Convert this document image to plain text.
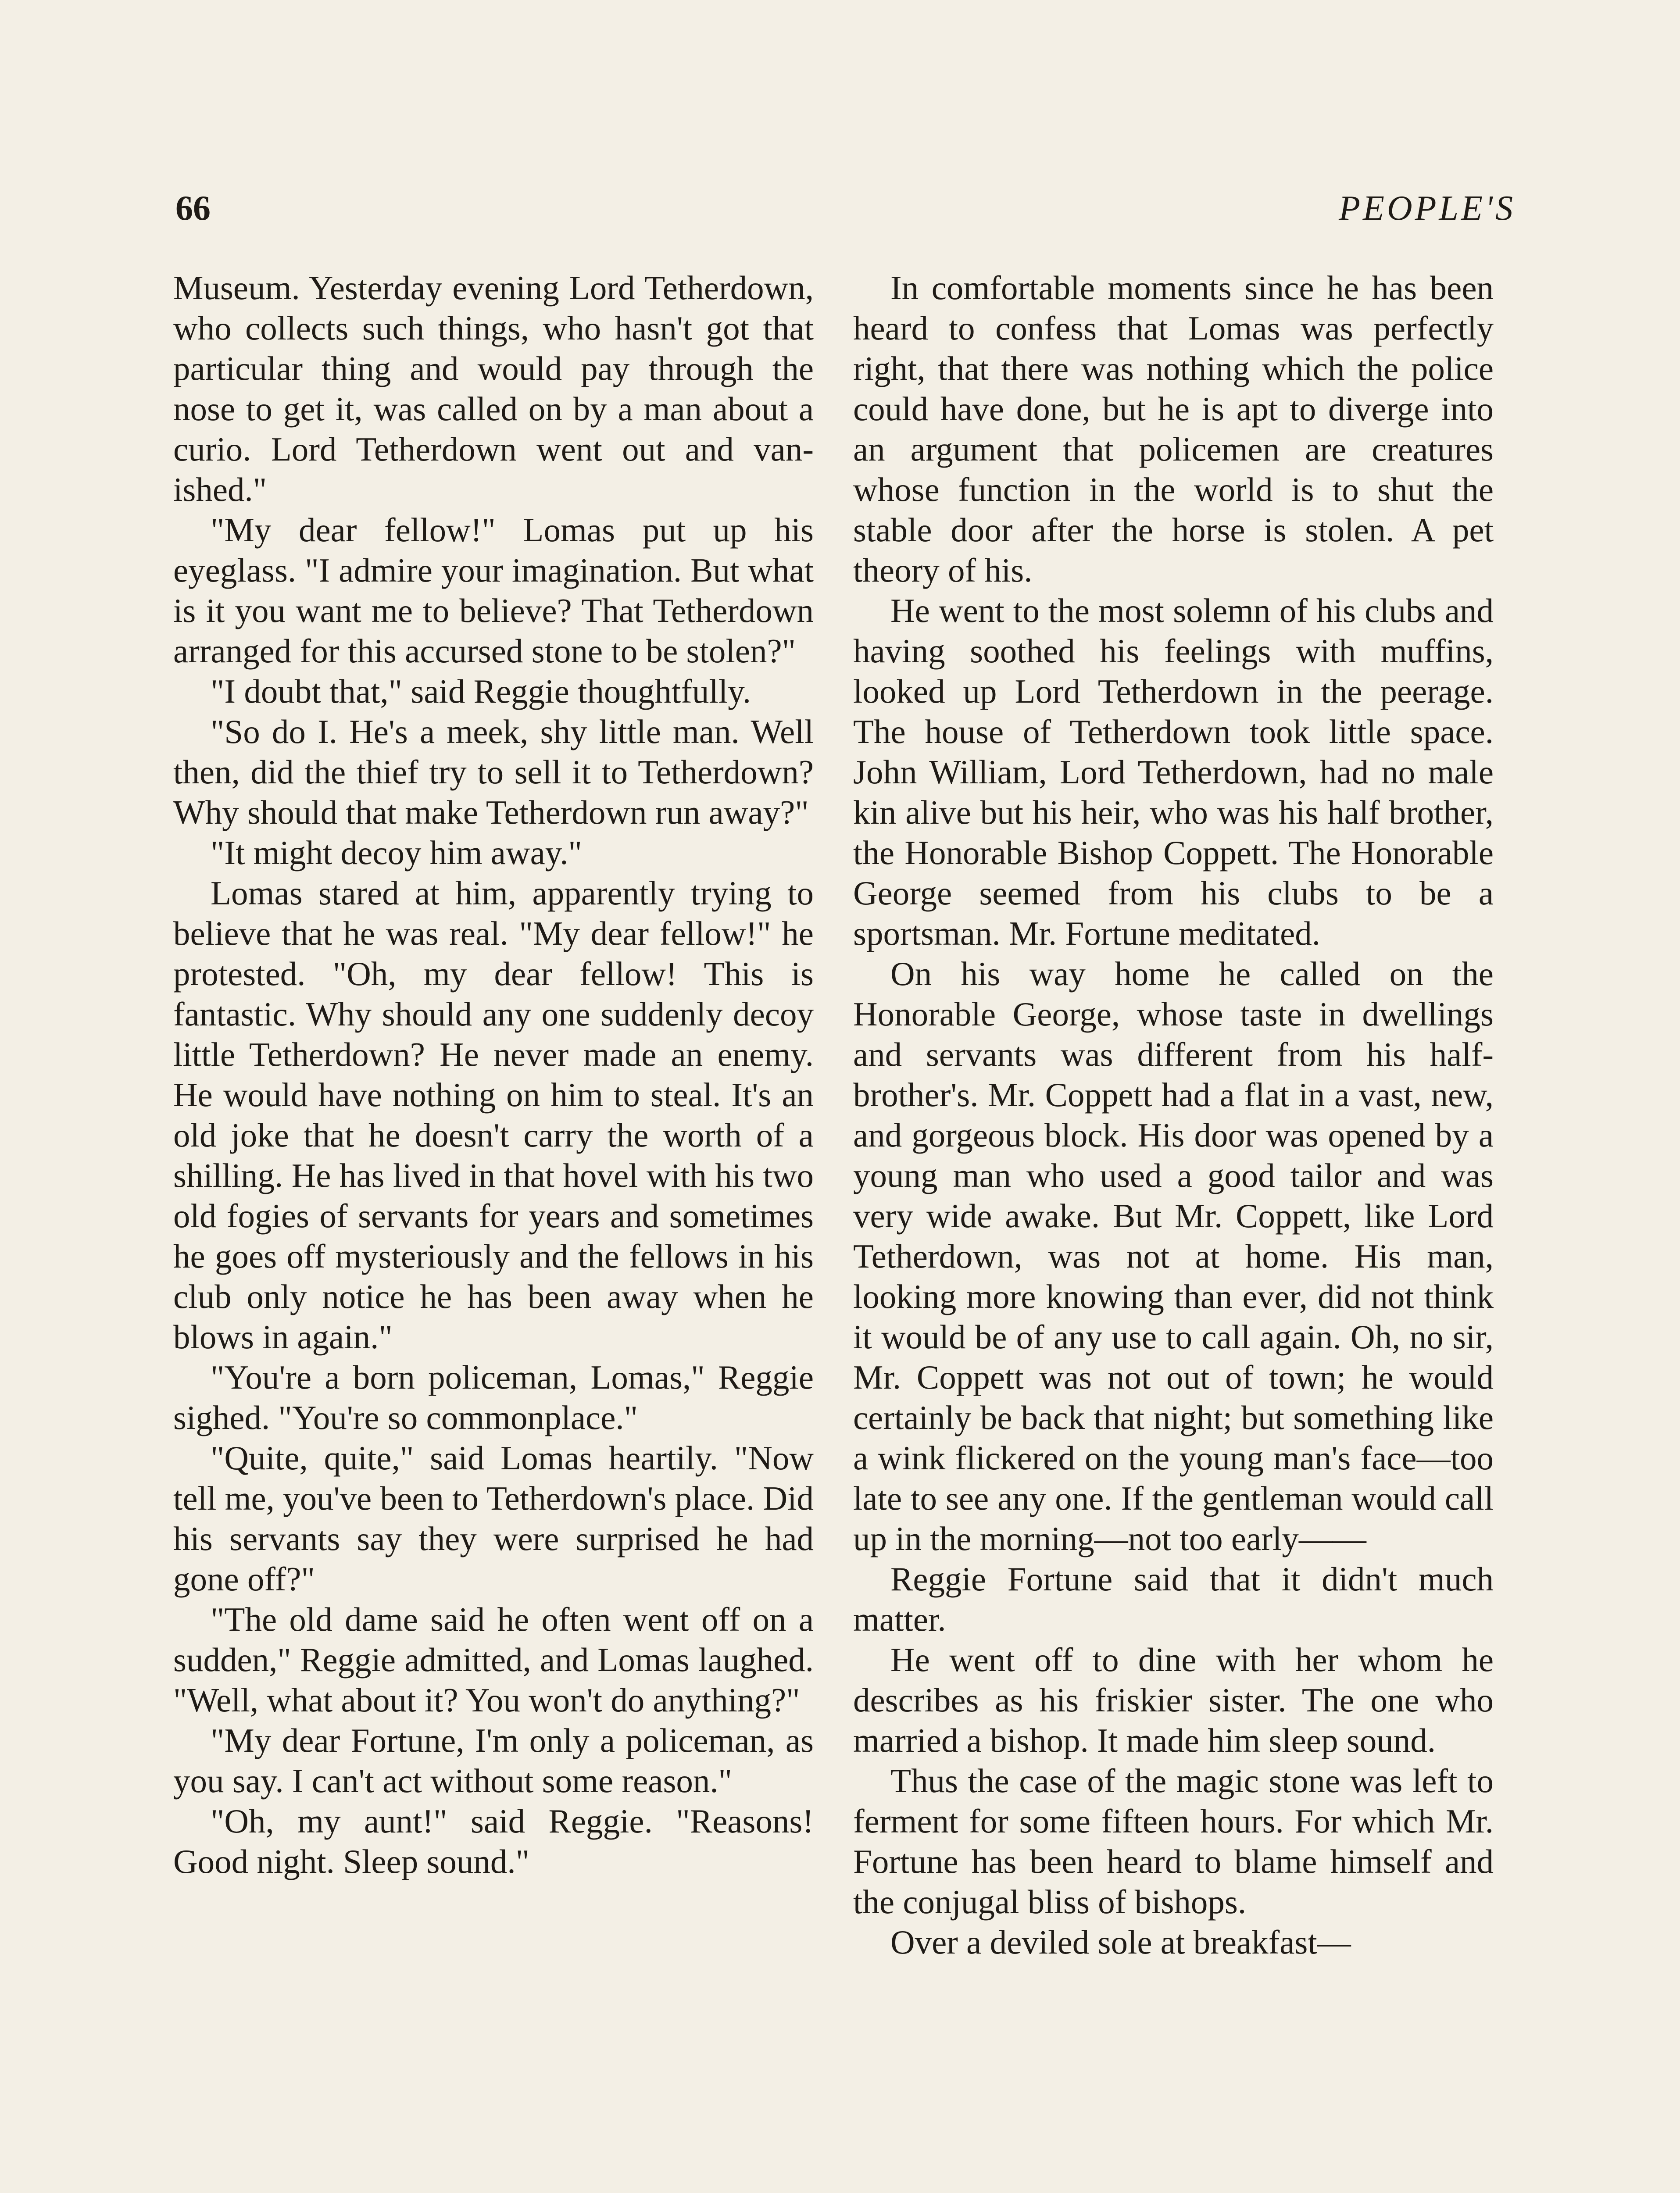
66	PEOPLE'S

Museum. Yesterday evening Lord Tetherdown, who collects such things, who hasn't got that particular thing and would pay through the nose to get it, was called on by a man about a curio. Lord Tetherdown went out and vanished."

"My dear fellow!" Lomas put up his eyeglass. "I admire your imagination. But what is it you want me to believe? That Tetherdown arranged for this accursed stone to be stolen?"

"I doubt that," said Reggie thoughtfully.

"So do I. He's a meek, shy little man. Well then, did the thief try to sell it to Tetherdown? Why should that make Tetherdown run away?"

"It might decoy him away."

Lomas stared at him, apparently trying to believe that he was real. "My dear fellow!" he protested. "Oh, my dear fellow! This is fantastic. Why should any one suddenly decoy little Tetherdown? He never made an enemy. He would have nothing on him to steal. It's an old joke that he doesn't carry the worth of a shilling. He has lived in that hovel with his two old fogies of servants for years and sometimes he goes off mysteriously and the fellows in his club only notice he has been away when he blows in again."

"You're a born policeman, Lomas," Reggie sighed. "You're so commonplace."

"Quite, quite," said Lomas heartily. "Now tell me, you've been to Tetherdown's place. Did his servants say they were surprised he had gone off?"

"The old dame said he often went off on a sudden," Reggie admitted, and Lomas laughed. "Well, what about it? You won't do anything?"

"My dear Fortune, I'm only a policeman, as you say. I can't act without some reason."

"Oh, my aunt!" said Reggie. "Reasons! Good night. Sleep sound."

In comfortable moments since he has been heard to confess that Lomas was perfectly right, that there was nothing which the police could have done, but he is apt to diverge into an argument that policemen are creatures whose function in the world is to shut the stable door after the horse is stolen. A pet theory of his.

He went to the most solemn of his clubs and having soothed his feelings with muffins, looked up Lord Tetherdown in the peerage. The house of Tetherdown took little space. John William, Lord Tetherdown, had no male kin alive but his heir, who was his half brother, the Honorable Bishop Coppett. The Honorable George seemed from his clubs to be a sportsman. Mr. Fortune meditated.

On his way home he called on the Honorable George, whose taste in dwellings and servants was different from his half-brother's. Mr. Coppett had a flat in a vast, new, and gorgeous block. His door was opened by a young man who used a good tailor and was very wide awake. But Mr. Coppett, like Lord Tetherdown, was not at home. His man, looking more knowing than ever, did not think it would be of any use to call again. Oh, no sir, Mr. Coppett was not out of town; he would certainly be back that night; but something like a wink flickered on the young man's face—too late to see any one. If the gentleman would call up in the morning—not too early——

Reggie Fortune said that it didn't much matter.

He went off to dine with her whom he describes as his friskier sister. The one who married a bishop. It made him sleep sound.

Thus the case of the magic stone was left to ferment for some fifteen hours. For which Mr. Fortune has been heard to blame himself and the conjugal bliss of bishops.

Over a deviled sole at breakfast—
